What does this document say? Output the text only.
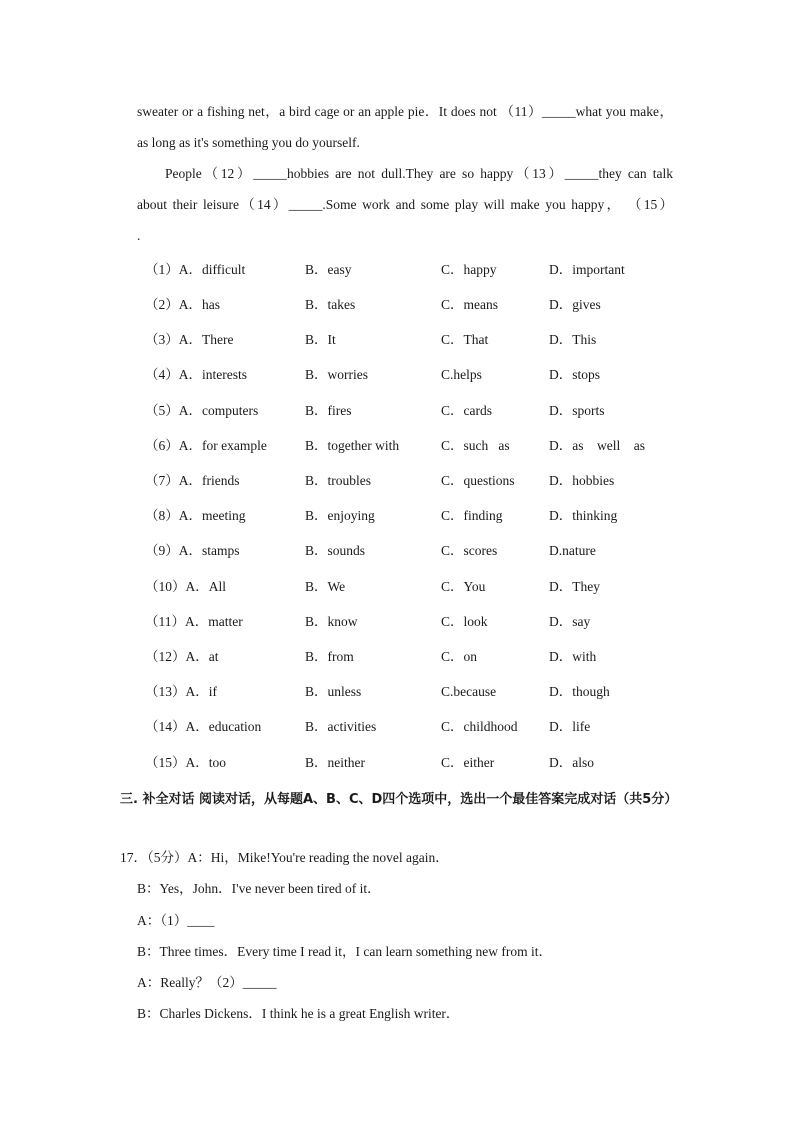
sweater or a fishing net，a bird cage or an apple pie．It does not （11）_____what you make，
as long as it's something you do yourself.
People（12）_____hobbies are not dull.They are so happy（13）_____they can talk
about their leisure（14）_____.Some work and some play will make you happy， （15）
.
（1）A．difficult	B．easy	C．happy	D．important
（2）A．has	B．takes	C．means	D．gives
（3）A．There	B．It	C．That	D．This
（4）A．interests	B．worries	C.helps	D．stops
（5）A．computers	B．fires	C．cards	D．sports
（6）A．for example	B．together with	C．such   as	D．as    well    as
（7）A．friends	B．troubles	C．questions	D．hobbies
（8）A．meeting	B．enjoying	C．finding	D．thinking
（9）A．stamps	B．sounds	C．scores	D.nature
（10）A．All	B．We	C．You	D．They
（11）A．matter	B．know	C．look	D．say
（12）A．at	B．from	C．on	D．with
（13）A．if	B．unless	C.because	D．though
（14）A．education	B．activities	C．childhood D．life
（15）A．too	B．neither	C．either	D．also
三. 补全对话 阅读对话，从每题A、B、C、D四个选项中，选出一个最佳答案完成对话（共5分）
17．（5分）A：Hi，Mike!You're reading the novel again．
B：Yes，John．I've never been tired of it．
A：（1）____
B：Three times．Every time I read it，I can learn something new from it．
A：Really？（2）_____
B：Charles Dickens．I think he is a great English writer．
